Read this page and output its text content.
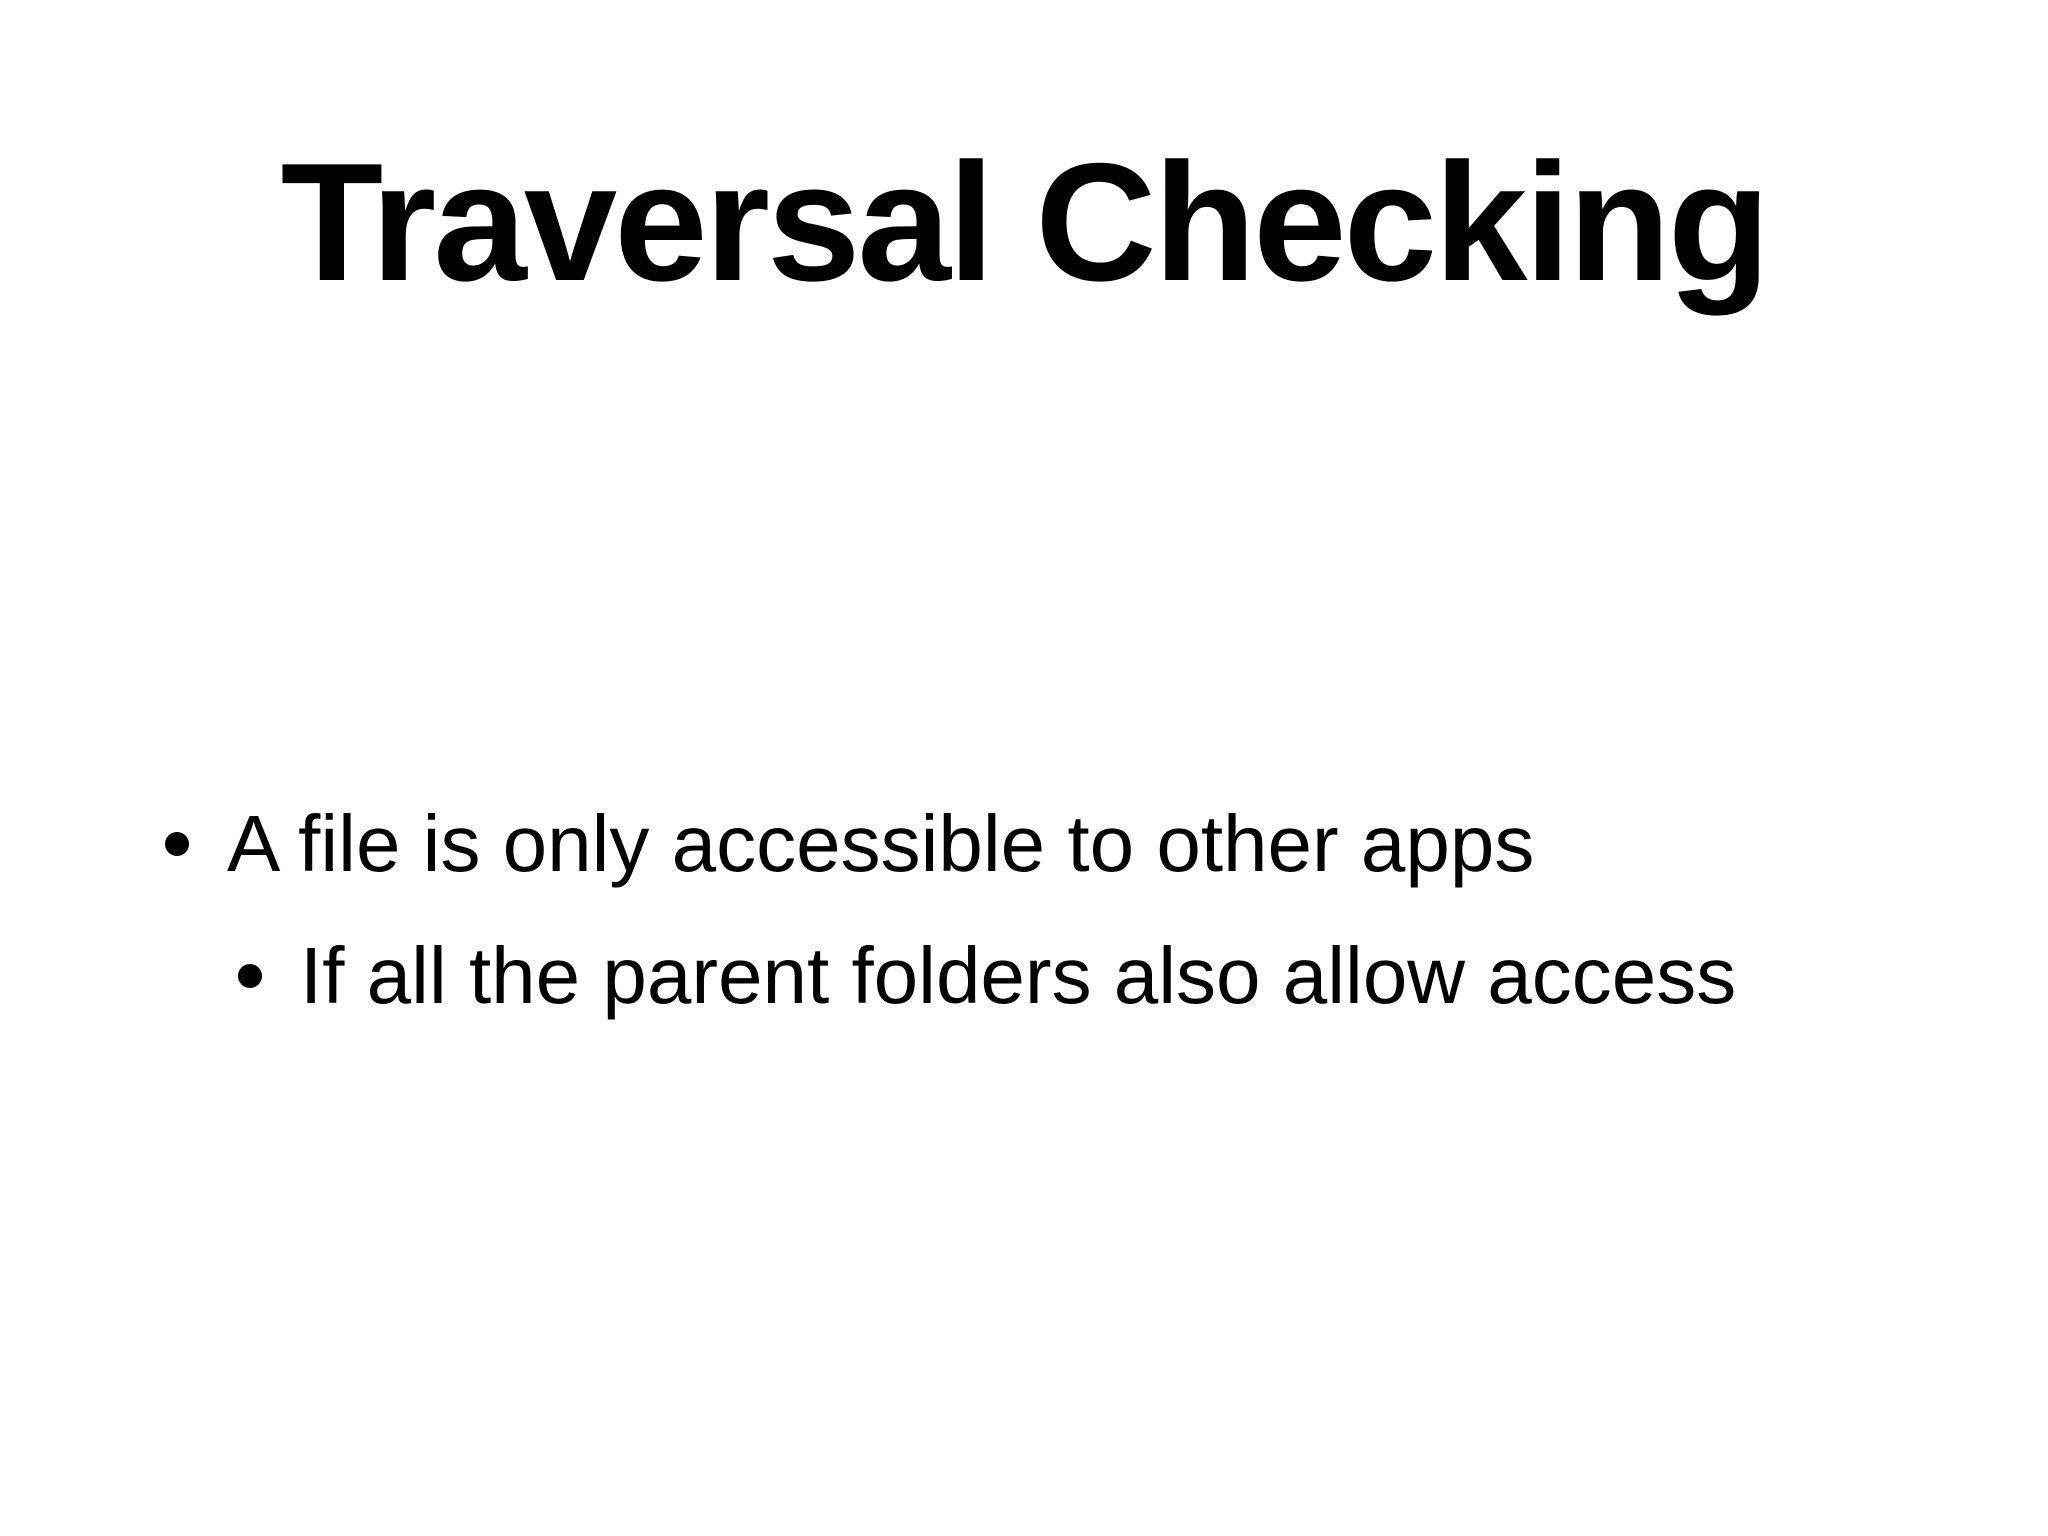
Traversal Checking
A file is only accessible to other apps
If all the parent folders also allow access
